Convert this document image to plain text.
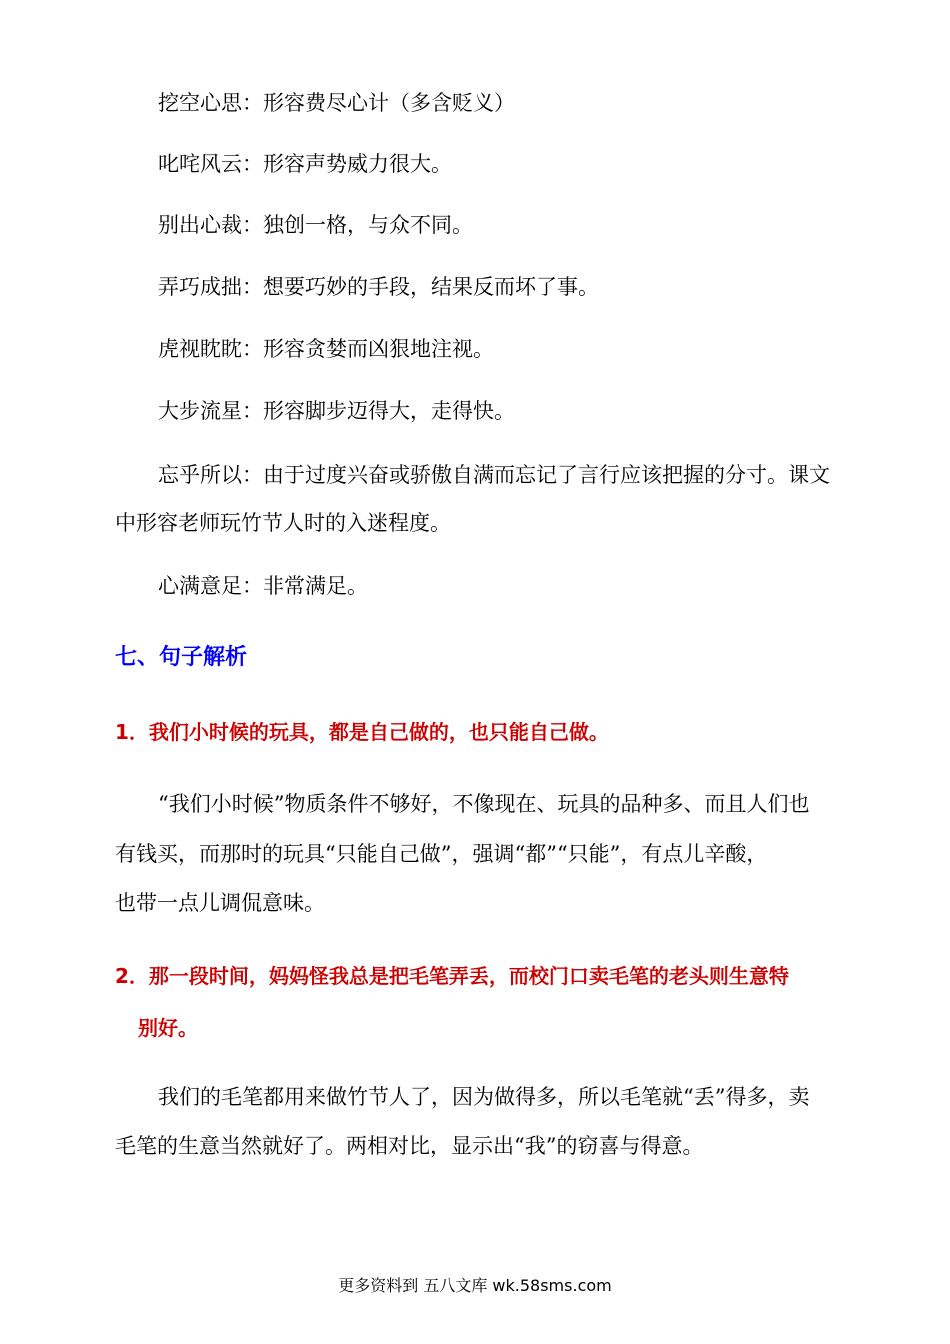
挖空心思：形容费尽心计（多含贬义）
叱咤风云：形容声势威力很大。
别出心裁：独创一格，与众不同。
弄巧成拙：想要巧妙的手段，结果反而坏了事。
虎视眈眈：形容贪婪而凶狠地注视。
大步流星：形容脚步迈得大，走得快。
忘乎所以：由于过度兴奋或骄傲自满而忘记了言行应该把握的分寸。课文
中形容老师玩竹节人时的入迷程度。
心满意足：非常满足。
七、句子解析
1．我们小时候的玩具，都是自己做的，也只能自己做。
“我们小时候”物质条件不够好，不像现在、玩具的品种多、而且人们也
有钱买，而那时的玩具“只能自己做”，强调“都”“只能”，有点儿辛酸，
也带一点儿调侃意味。
2．那一段时间，妈妈怪我总是把毛笔弄丢，而校门口卖毛笔的老头则生意特
别好。
我们的毛笔都用来做竹节人了，因为做得多，所以毛笔就“丢”得多，卖
毛笔的生意当然就好了。两相对比，显示出“我”的窃喜与得意。
更多资料到 五八文库 wk.58sms.com
